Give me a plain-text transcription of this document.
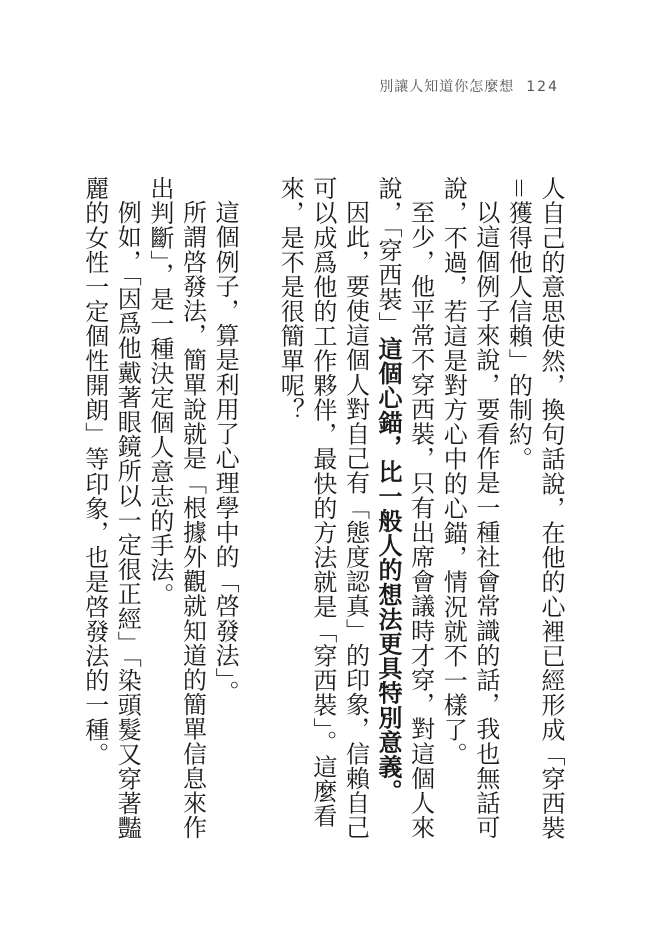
別讓人知道你怎麼想 124

人自己的意思使然，換句話說，在他的心裡已經形成「穿西裝＝獲得他人信賴」的制約。

以這個例子來說，要看作是一種社會常識的話，我也無話可說，不過，若這是對方心中的心錨，情況就不一樣了。

至少，他平常不穿西裝，只有出席會議時才穿，對這個人來說，「穿西裝」這個心錨，比一般人的想法更具特別意義。

因此，要使這個人對自己有「態度認真」的印象，信賴自己可以成爲他的工作夥伴，最快的方法就是「穿西裝」。這麼看來，是不是很簡單呢？

這個例子，算是利用了心理學中的「啓發法」。

所謂啓發法，簡單說就是「根據外觀就知道的簡單信息來作出判斷」，是一種決定個人意志的手法。

例如，「因爲他戴著眼鏡所以一定很正經」「染頭髮又穿著豔麗的女性一定個性開朗」等印象，也是啓發法的一種。
